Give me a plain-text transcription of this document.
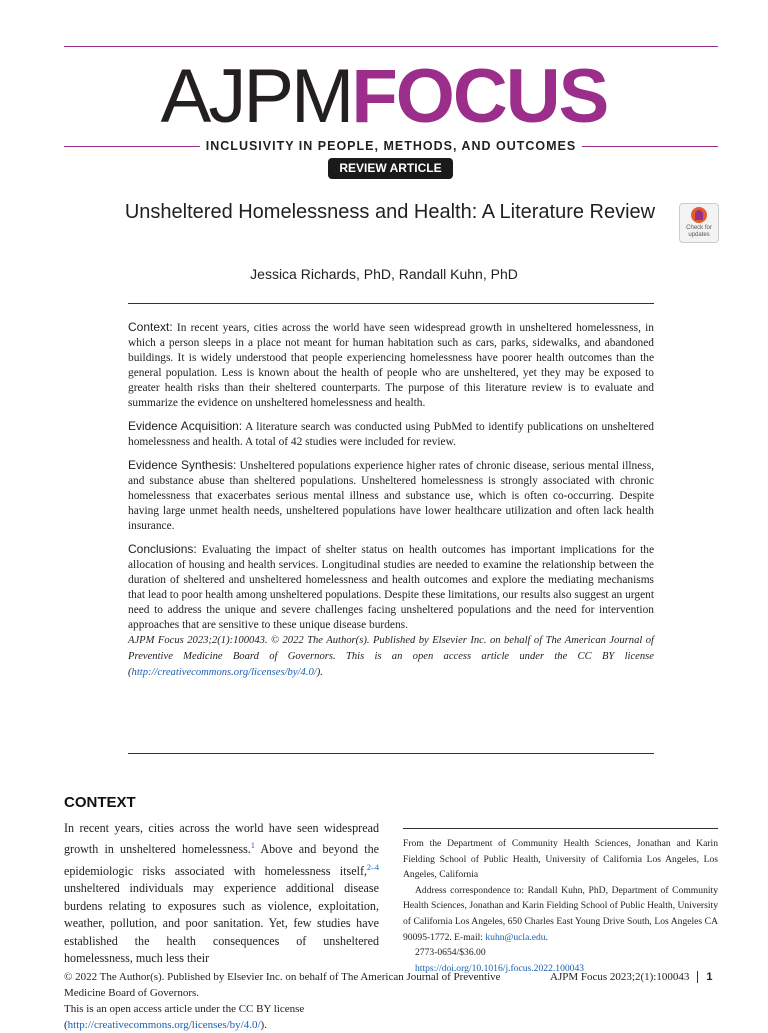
AJPMFOCUS
INCLUSIVITY IN PEOPLE, METHODS, AND OUTCOMES
REVIEW ARTICLE
Unsheltered Homelessness and Health: A Literature Review
Check for updates
Jessica Richards, PhD, Randall Kuhn, PhD

Context: In recent years, cities across the world have seen widespread growth in unsheltered homelessness, in which a person sleeps in a place not meant for human habitation such as cars, parks, sidewalks, and abandoned buildings. It is widely understood that people experiencing homelessness have poorer health outcomes than the general population. Less is known about the health of people who are unsheltered, yet they may be exposed to greater health risks than their sheltered counterparts. The purpose of this literature review is to evaluate and summarize the evidence on unsheltered homelessness and health.

Evidence Acquisition: A literature search was conducted using PubMed to identify publications on unsheltered homelessness and health. A total of 42 studies were included for review.

Evidence Synthesis: Unsheltered populations experience higher rates of chronic disease, serious mental illness, and substance abuse than sheltered populations. Unsheltered homelessness is strongly associated with chronic homelessness that exacerbates serious mental illness and substance use, which is often co-occurring. Despite having large unmet health needs, unsheltered populations have lower healthcare utilization and often lack health insurance.

Conclusions: Evaluating the impact of shelter status on health outcomes has important implications for the allocation of housing and health services. Longitudinal studies are needed to examine the relationship between the duration of sheltered and unsheltered homelessness and health outcomes and explore the mediating mechanisms that lead to poor health among unsheltered populations. Despite these limitations, our results also suggest an urgent need to address the unique and severe challenges facing unsheltered populations and the need for intervention approaches that are sensitive to these unique disease burdens.

AJPM Focus 2023;2(1):100043. © 2022 The Author(s). Published by Elsevier Inc. on behalf of The American Journal of Preventive Medicine Board of Governors. This is an open access article under the CC BY license (http://creativecommons.org/licenses/by/4.0/).

CONTEXT
In recent years, cities across the world have seen widespread growth in unsheltered homelessness.$^1$ Above and beyond the epidemiologic risks associated with homelessness itself,$^{2-4}$ unsheltered individuals may experience additional disease burdens relating to exposures such as violence, exploitation, weather, pollution, and poor sanitation. Yet, few studies have established the health consequences of unsheltered homelessness, much less their

From the Department of Community Health Sciences, Jonathan and Karin Fielding School of Public Health, University of California Los Angeles, Los Angeles, California

Address correspondence to: Randall Kuhn, PhD, Department of Community Health Sciences, Jonathan and Karin Fielding School of Public Health, University of California Los Angeles, 650 Charles East Young Drive South, Los Angeles CA 90095-1772. E-mail: kuhn@ucla.edu.

2773-0654/$36.00

https://doi.org/10.1016/j.focus.2022.100043

© 2022 The Author(s). Published by Elsevier Inc. on behalf of The American Journal of Preventive Medicine Board of Governors.
This is an open access article under the CC BY license (http://creativecommons.org/licenses/by/4.0/).
AJPM Focus 2023;2(1):100043 1
